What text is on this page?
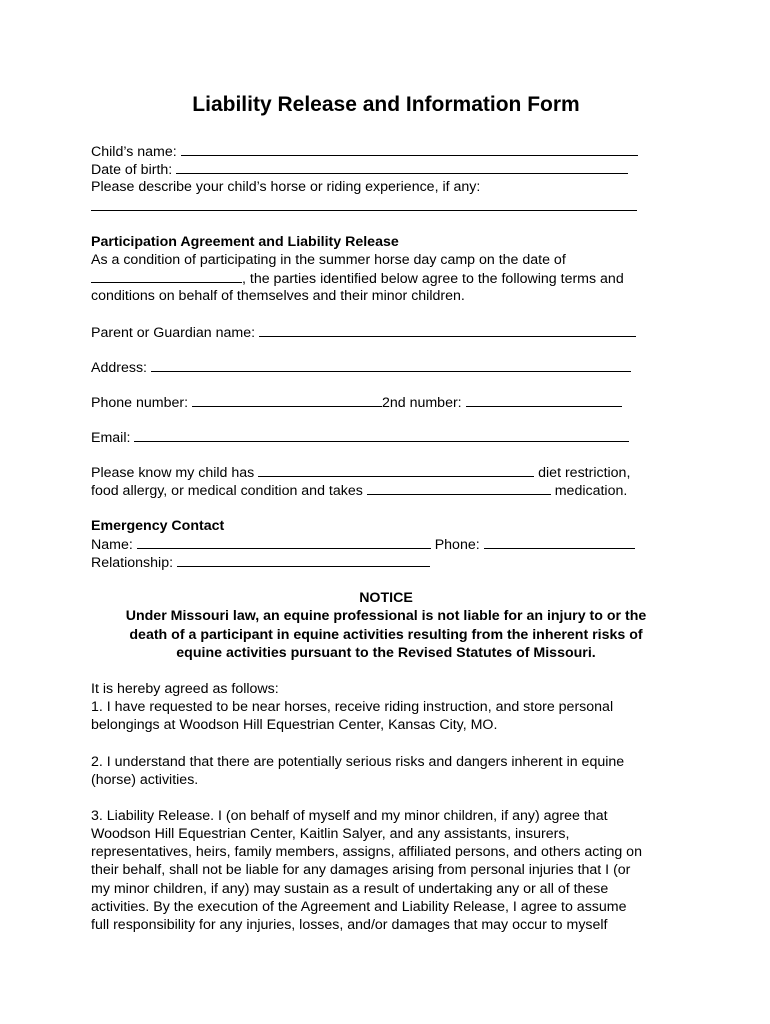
Liability Release and Information Form
Child’s name:
Date of birth:
Please describe your child’s horse or riding experience, if any:
Participation Agreement and Liability Release
As a condition of participating in the summer horse day camp on the date of
, the parties identified below agree to the following terms and
conditions on behalf of themselves and their minor children.
Parent or Guardian name:
Address:
Phone number:	2nd number:
Email:
Please know my child has	diet restriction,
food allergy, or medical condition and takes	medication.
Emergency Contact
Name:	Phone:
Relationship:
NOTICE
Under Missouri law, an equine professional is not liable for an injury to or the
death of a participant in equine activities resulting from the inherent risks of
equine activities pursuant to the Revised Statutes of Missouri.
It is hereby agreed as follows:
1. I have requested to be near horses, receive riding instruction, and store personal
belongings at Woodson Hill Equestrian Center, Kansas City, MO.
2. I understand that there are potentially serious risks and dangers inherent in equine
(horse) activities.
3. Liability Release. I (on behalf of myself and my minor children, if any) agree that
Woodson Hill Equestrian Center, Kaitlin Salyer, and any assistants, insurers,
representatives, heirs, family members, assigns, affiliated persons, and others acting on
their behalf, shall not be liable for any damages arising from personal injuries that I (or
my minor children, if any) may sustain as a result of undertaking any or all of these
activities. By the execution of the Agreement and Liability Release, I agree to assume
full responsibility for any injuries, losses, and/or damages that may occur to myself
